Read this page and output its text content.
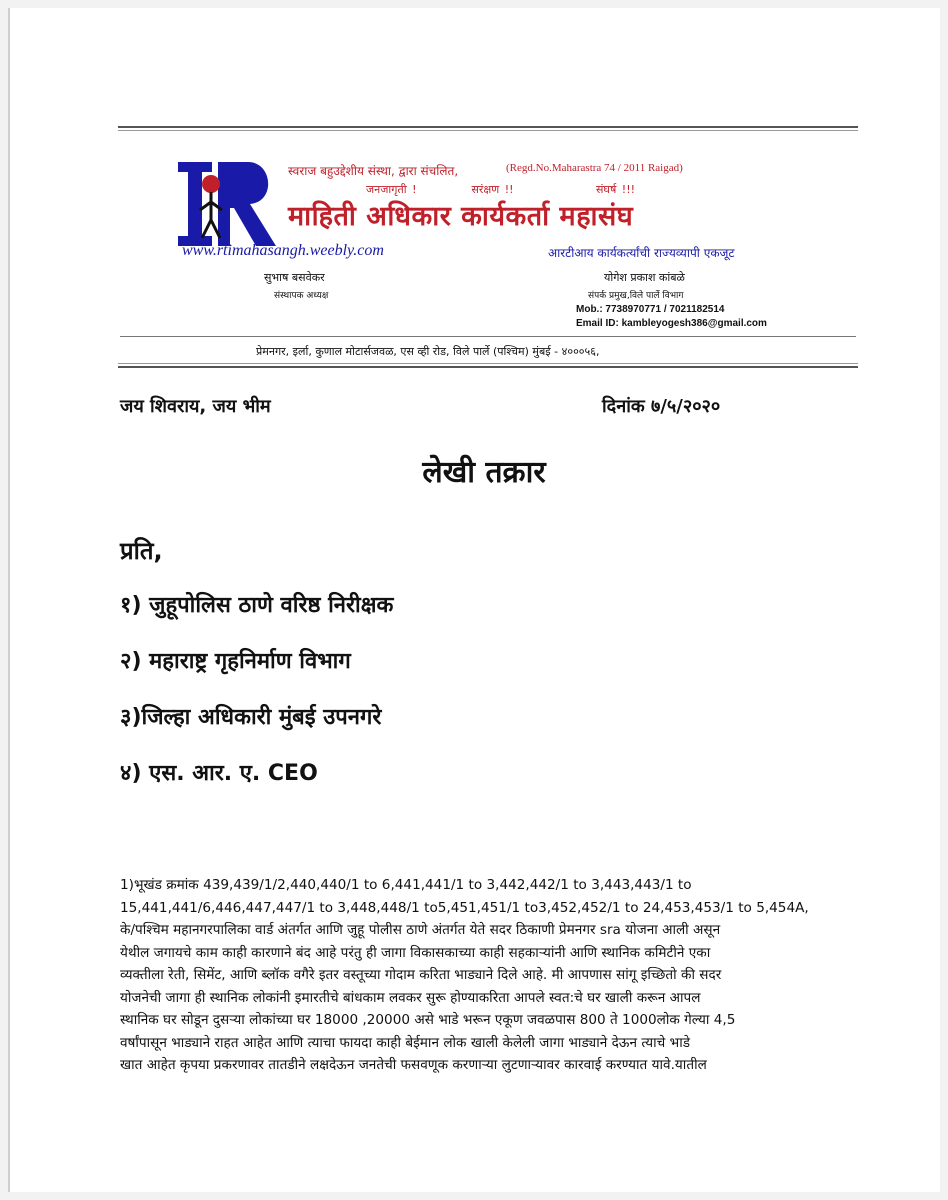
स्वराज बहुउद्देशीय संस्था, द्वारा संचलित,	(Regd.No.Maharastra 74 / 2011 Raigad)
जनजागृती !          सरंक्षण !!               संघर्ष !!!
माहिती अधिकार कार्यकर्ता महासंघ
www.rtimahasangh.weebly.com	आरटीआय कार्यकर्त्यांची राज्यव्यापी एकजूट
सुभाष बसवेकर
संस्थापक अध्यक्ष
योगेश प्रकाश कांबळे
संपर्क प्रमुख,विले पार्ले विभाग
Mob.: 7738970771 / 7021182514
Email ID: kambleyogesh386@gmail.com
प्रेमनगर, इर्ला, कुणाल मोटार्सजवळ, एस व्ही रोड, विले पार्ले (पश्चिम) मुंबई - ४०००५६,
जय शिवराय, जय भीम	दिनांक ७/५/२०२०
लेखी तक्रार
प्रति,
१) जुहूपोलिस ठाणे वरिष्ठ निरीक्षक
२) महाराष्ट्र गृहनिर्माण विभाग
३)जिल्हा अधिकारी मुंबई उपनगरे
४) एस. आर. ए. CEO
1)भूखंड क्रमांक 439,439/1/2,440,440/1 to 6,441,441/1 to 3,442,442/1 to 3,443,443/1 to
15,441,441/6,446,447,447/1 to 3,448,448/1 to5,451,451/1 to3,452,452/1 to 24,453,453/1 to 5,454A,
के/पश्चिम महानगरपालिका वार्ड अंतर्गत आणि जुहू पोलीस ठाणे अंतर्गत येते सदर ठिकाणी प्रेमनगर sra योजना आली असून
येथील जगायचे काम काही कारणाने बंद आहे परंतु ही जागा विकासकाच्या काही सहकाऱ्यांनी आणि स्थानिक कमिटीने एका
व्यक्तीला रेती, सिमेंट, आणि ब्लॉक वगैरे इतर वस्तूच्या गोदाम करिता भाड्याने दिले आहे. मी आपणास सांगू इच्छितो की सदर
योजनेची जागा ही स्थानिक लोकांनी इमारतीचे बांधकाम लवकर सुरू होण्याकरिता आपले स्वत:चे घर खाली करून आपल
स्थानिक घर सोडून दुसऱ्या लोकांच्या घर 18000 ,20000 असे भाडे भरून एकूण जवळपास 800 ते 1000लोक गेल्या 4,5
वर्षांपासून भाड्याने राहत आहेत आणि त्याचा फायदा काही बेईमान लोक खाली केलेली जागा भाड्याने देऊन त्याचे भाडे
खात आहेत कृपया प्रकरणावर तातडीने लक्षदेऊन जनतेची फसवणूक करणाऱ्या लुटणाऱ्यावर कारवाई करण्यात यावे.यातील
